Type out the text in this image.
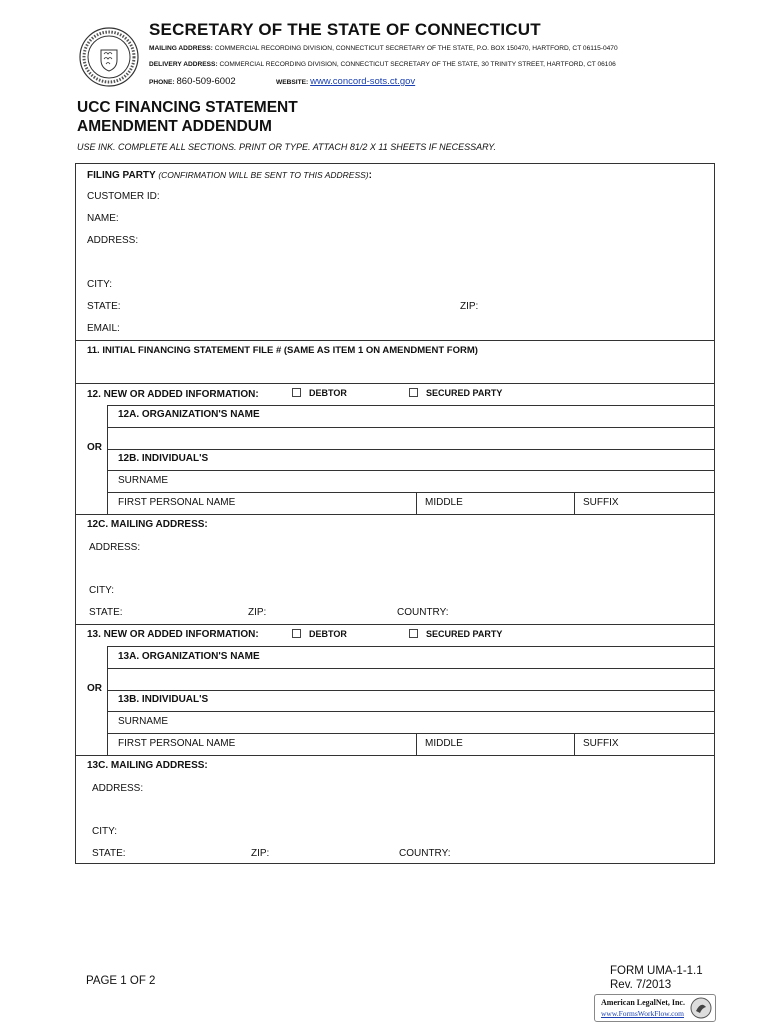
SECRETARY OF THE STATE OF CONNECTICUT
MAILING ADDRESS: COMMERCIAL RECORDING DIVISION, CONNECTICUT SECRETARY OF THE STATE, P.O. BOX 150470, HARTFORD, CT 06115-0470
DELIVERY ADDRESS: COMMERCIAL RECORDING DIVISION, CONNECTICUT SECRETARY OF THE STATE, 30 TRINITY STREET, HARTFORD, CT 06106
PHONE: 860-509-6002	WEBSITE: www.concord-sots.ct.gov
UCC FINANCING STATEMENT
AMENDMENT ADDENDUM
USE INK. COMPLETE ALL SECTIONS. PRINT OR TYPE. ATTACH 81/2 X 11 SHEETS IF NECESSARY.
FILING PARTY (CONFIRMATION WILL BE SENT TO THIS ADDRESS):
CUSTOMER ID:
NAME:
ADDRESS:
CITY:
STATE:	ZIP:
EMAIL:
11. INITIAL FINANCING STATEMENT FILE # (SAME AS ITEM 1 ON AMENDMENT FORM)
12. NEW OR ADDED INFORMATION:	DEBTOR	SECURED PARTY
12A. ORGANIZATION'S NAME
OR
12B. INDIVIDUAL'S
SURNAME
FIRST PERSONAL NAME	MIDDLE	SUFFIX
12C. MAILING ADDRESS:
ADDRESS:
CITY:
STATE:	ZIP:	COUNTRY:
13. NEW OR ADDED INFORMATION:	DEBTOR	SECURED PARTY
13A. ORGANIZATION'S NAME
OR
13B. INDIVIDUAL'S
SURNAME
FIRST PERSONAL NAME	MIDDLE	SUFFIX
13C. MAILING ADDRESS:
ADDRESS:
CITY:
STATE:	ZIP:	COUNTRY:
PAGE 1 OF 2
FORM UMA-1-1.1
Rev. 7/2013
American LegalNet, Inc.
www.FormsWorkFlow.com
